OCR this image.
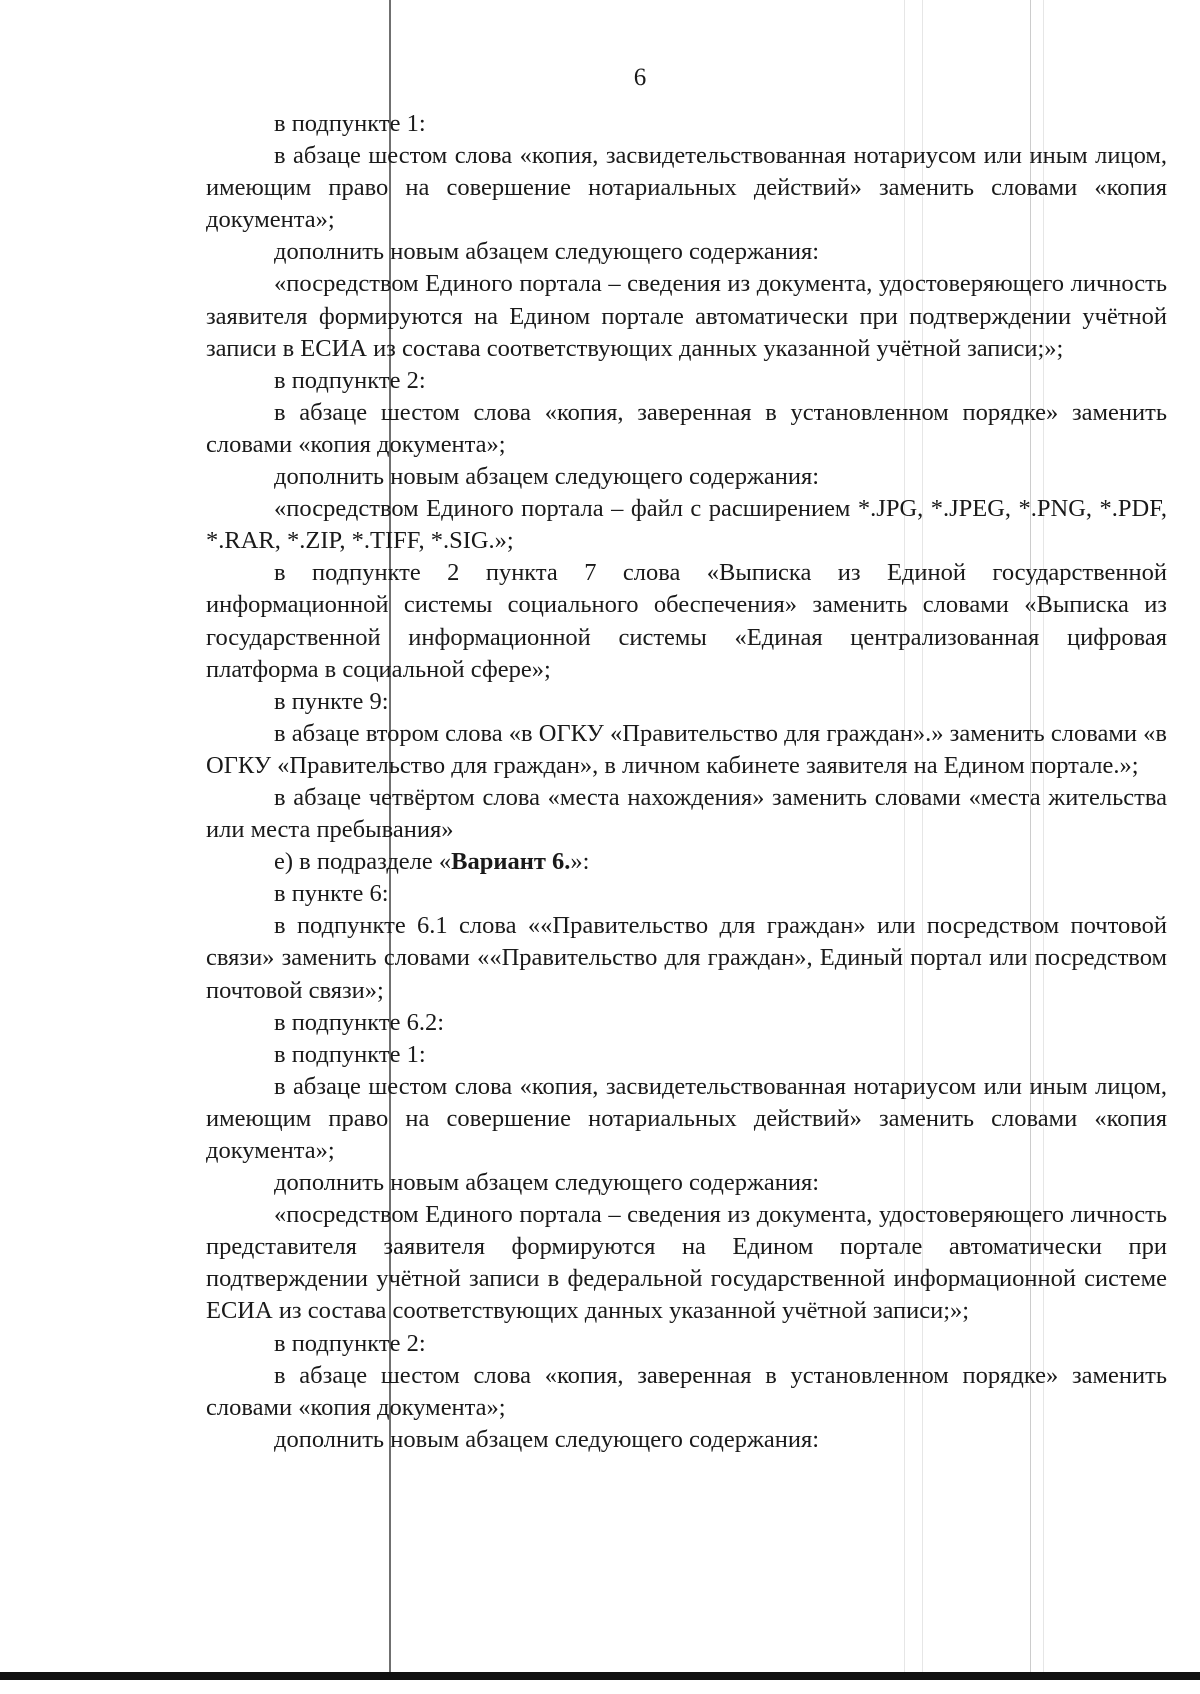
6

в подпункте 1:

в абзаце шестом слова «копия, засвидетельствованная нотариусом или иным лицом, имеющим право на совершение нотариальных действий» заменить словами «копия документа»;

дополнить новым абзацем следующего содержания:

«посредством Единого портала – сведения из документа, удостоверяющего личность заявителя формируются на Едином портале автоматически при подтверждении учётной записи в ЕСИА из состава соответствующих данных указанной учётной записи;»;

в подпункте 2:

в абзаце шестом слова «копия, заверенная в установленном порядке» заменить словами «копия документа»;

дополнить новым абзацем следующего содержания:

«посредством Единого портала – файл с расширением *.JPG, *.JPEG, *.PNG, *.PDF, *.RAR, *.ZIP, *.TIFF, *.SIG.»;

в подпункте 2 пункта 7 слова «Выписка из Единой государственной информационной системы социального обеспечения» заменить словами «Выписка из государственной информационной системы «Единая централизованная цифровая платформа в социальной сфере»;

в пункте 9:

в абзаце втором слова «в ОГКУ «Правительство для граждан».» заменить словами «в ОГКУ «Правительство для граждан», в личном кабинете заявителя на Едином портале.»;

в абзаце четвёртом слова «места нахождения» заменить словами «места жительства или места пребывания»

е) в подразделе «Вариант 6.»:

в пункте 6:

в подпункте 6.1 слова ««Правительство для граждан» или посредством почтовой связи» заменить словами ««Правительство для граждан», Единый портал или посредством почтовой связи»;

в подпункте 6.2:

в подпункте 1:

в абзаце шестом слова «копия, засвидетельствованная нотариусом или иным лицом, имеющим право на совершение нотариальных действий» заменить словами «копия документа»;

дополнить новым абзацем следующего содержания:

«посредством Единого портала – сведения из документа, удостоверяющего личность представителя заявителя формируются на Едином портале автоматически при подтверждении учётной записи в федеральной государственной информационной системе ЕСИА из состава соответствующих данных указанной учётной записи;»;

в подпункте 2:

в абзаце шестом слова «копия, заверенная в установленном порядке» заменить словами «копия документа»;

дополнить новым абзацем следующего содержания:
